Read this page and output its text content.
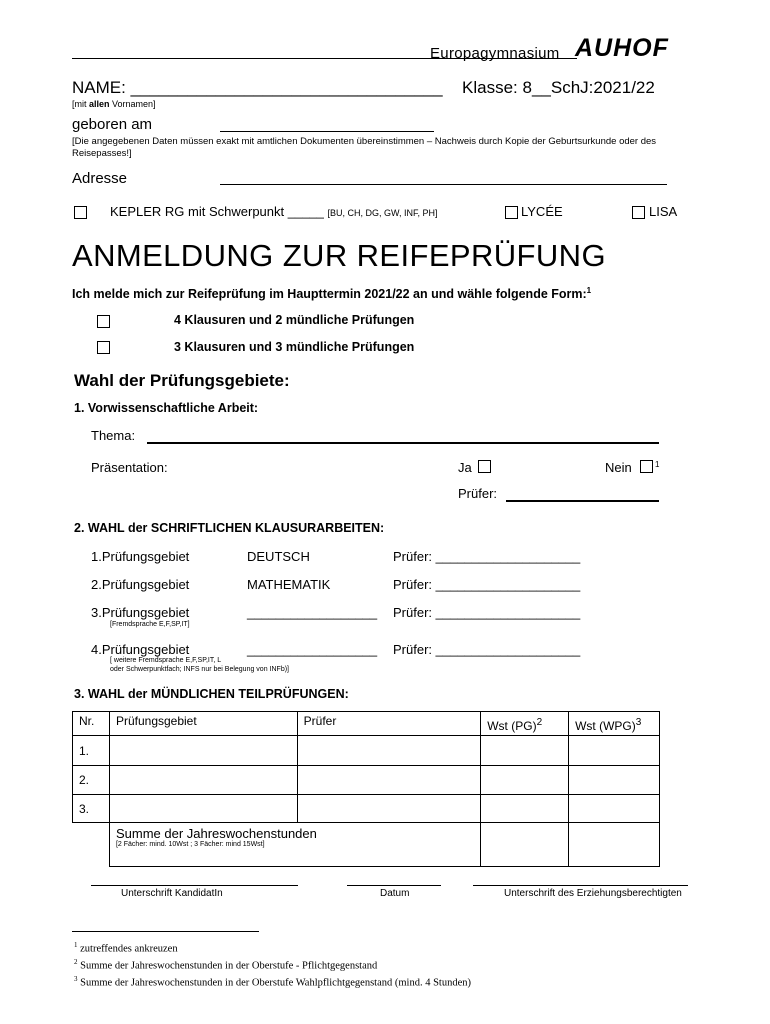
Europagymnasium AUHOF
NAME: _________________________________ Klasse: 8__SchJ:2021/22
[mit allen Vornamen]
geboren am
[Die angegebenen Daten müssen exakt mit amtlichen Dokumenten übereinstimmen – Nachweis durch Kopie der Geburtsurkunde oder des Reisepasses!]
Adresse
KEPLER RG mit Schwerpunkt _____ [BU, CH, DG, GW, INF, PH]	LYCÉE	LISA
ANMELDUNG ZUR REIFEPRÜFUNG
Ich melde mich zur Reifeprüfung im Haupttermin 2021/22 an und wähle folgende Form:$^1$
4 Klausuren und 2 mündliche Prüfungen
3 Klausuren und 3 mündliche Prüfungen
Wahl der Prüfungsgebiete:
1. Vorwissenschaftliche Arbeit:
Thema:
Präsentation:	Ja	Nein	1
Prüfer:
2. WAHL der SCHRIFTLICHEN KLAUSURARBEITEN:
1.Prüfungsgebiet	DEUTSCH	Prüfer: ____________________
2.Prüfungsgebiet	MATHEMATIK	Prüfer: ____________________
3.Prüfungsgebiet	__________________ Prüfer: ____________________
[Fremdsprache E,F,SP,IT]
4.Prüfungsgebiet	__________________ Prüfer: ____________________
[ weitere Fremdsprache E,F,SP,IT, L
oder Schwerpunktfach; INFS nur bei Belegung von INFb)]
3. WAHL der MÜNDLICHEN TEILPRÜFUNGEN:
Nr.	Prüfungsgebiet	Prüfer	Wst (PG)$^2$	Wst (WPG)$^3$
1.				
2.				
3.				

	Summe der Jahreswochenstunden
[2 Fächer: mind. 10Wst ; 3 Fächer: mind 15Wst]			

Unterschrift KandidatIn	Datum	Unterschrift des Erziehungsberechtigten
$^1$ zutreffendes ankreuzen
$^2$ Summe der Jahreswochenstunden in der Oberstufe - Pflichtgegenstand
$^3$ Summe der Jahreswochenstunden in der Oberstufe Wahlpflichtgegenstand (mind. 4 Stunden)
